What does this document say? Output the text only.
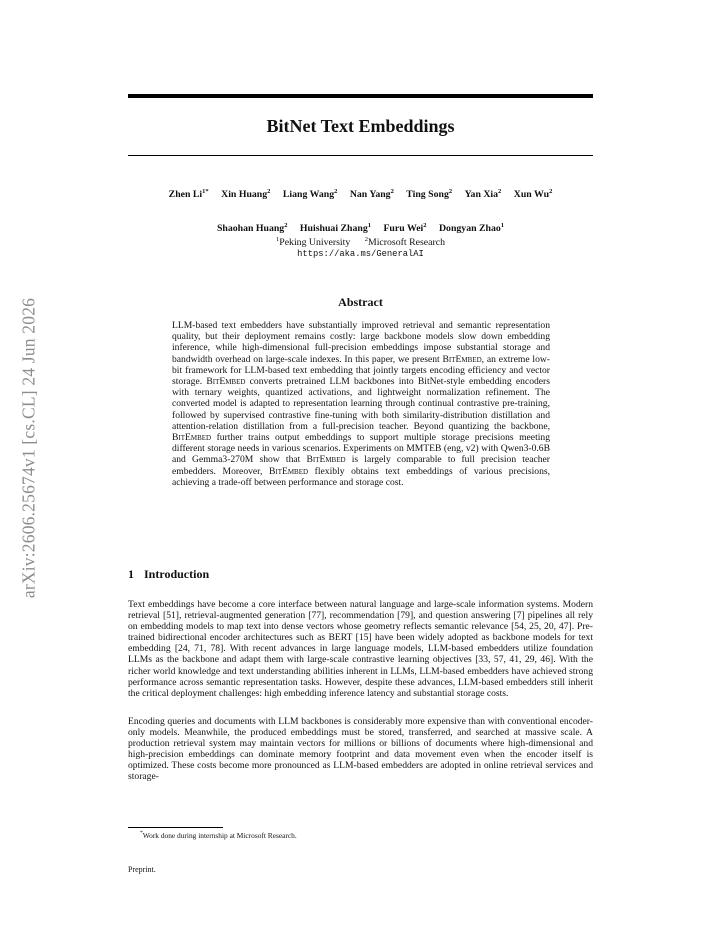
arXiv:2606.25674v1 [cs.CL] 24 Jun 2026
BitNet Text Embeddings
Zhen $Li^{1*}$ Xin Huang$^2$ Liang Wang$^2$ Nan Yang$^2$ Ting Song$^2$ Yan Xia$^2$ Xun Wu$^2$
Shaohan Huang$^2$ Huishuai Zhang$^1$ Furu Wei$^2$ Dongyan Zhao$^1$
$^1$Peking University $^2$Microsoft Research
https://aka.ms/GeneralAI
Abstract
LLM-based text embedders have substantially improved retrieval and semantic representation quality, but their deployment remains costly: large backbone models slow down embedding inference, while high-dimensional full-precision embeddings impose substantial storage and bandwidth overhead on large-scale indexes. In this paper, we present BitEmbed, an extreme low-bit framework for LLM-based text embedding that jointly targets encoding efficiency and vector storage. BitEmbed converts pretrained LLM backbones into BitNet-style embedding encoders with ternary weights, quantized activations, and lightweight normalization refinement. The converted model is adapted to representation learning through continual contrastive pre-training, followed by supervised contrastive fine-tuning with both similarity-distribution distillation and attention-relation distillation from a full-precision teacher. Beyond quantizing the backbone, BitEmbed further trains output embeddings to support multiple storage precisions meeting different storage needs in various scenarios. Experiments on MMTEB (eng, v2) with Qwen3-0.6B and Gemma3-270M show that BitEmbed is largely comparable to full precision teacher embedders. Moreover, BitEmbed flexibly obtains text embeddings of various precisions, achieving a trade-off between performance and storage cost.
1 Introduction
Text embeddings have become a core interface between natural language and large-scale information systems. Modern retrieval [51], retrieval-augmented generation [77], recommendation [79], and question answering [7] pipelines all rely on embedding models to map text into dense vectors whose geometry reflects semantic relevance [54, 25, 20, 47]. Pre-trained bidirectional encoder architectures such as BERT [15] have been widely adopted as backbone models for text embedding [24, 71, 78]. With recent advances in large language models, LLM-based embedders utilize foundation LLMs as the backbone and adapt them with large-scale contrastive learning objectives [33, 57, 41, 29, 46]. With the richer world knowledge and text understanding abilities inherent in LLMs, LLM-based embedders have achieved strong performance across semantic representation tasks. However, despite these advances, LLM-based embedders still inherit the critical deployment challenges: high embedding inference latency and substantial storage costs.
Encoding queries and documents with LLM backbones is considerably more expensive than with conventional encoder-only models. Meanwhile, the produced embeddings must be stored, transferred, and searched at massive scale. A production retrieval system may maintain vectors for millions or billions of documents where high-dimensional and high-precision embeddings can dominate memory footprint and data movement even when the encoder itself is optimized. These costs become more pronounced as LLM-based embedders are adopted in online retrieval services and storage-
*Work done during internship at Microsoft Research.
Preprint.
